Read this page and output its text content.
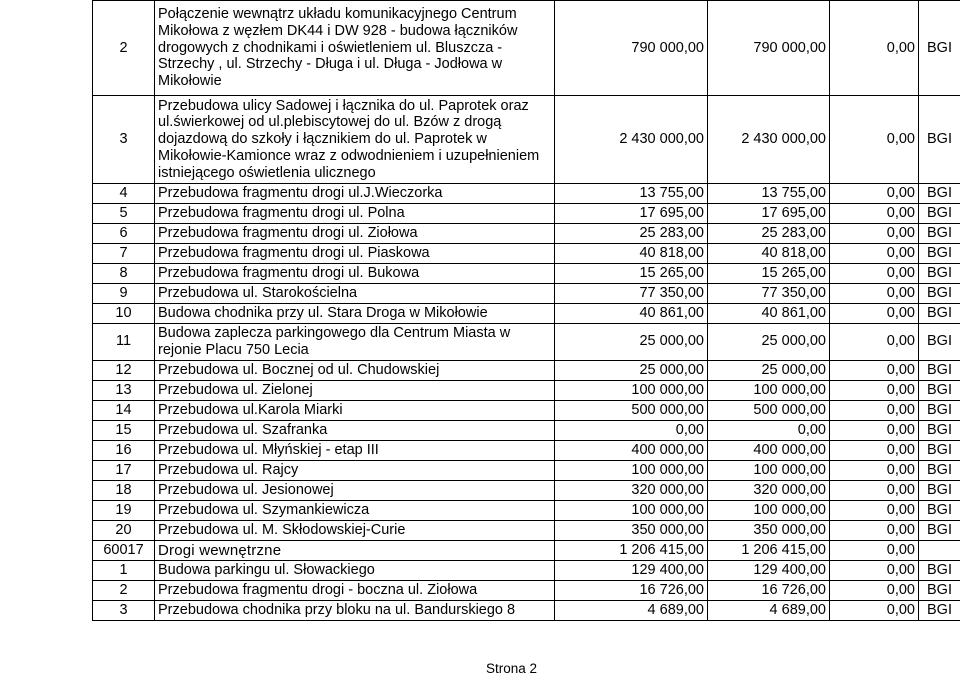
2	Połączenie wewnątrz układu komunikacyjnego Centrum Mikołowa z węzłem DK44 i DW 928 - budowa łączników drogowych z chodnikami i oświetleniem ul. Bluszcza - Strzechy , ul. Strzechy - Długa i ul. Długa - Jodłowa w Mikołowie	790 000,00	790 000,00	0,00	BGI
3	Przebudowa ulicy Sadowej i łącznika do ul. Paprotek oraz ul.świerkowej od ul.plebiscytowej do ul. Bzów z drogą dojazdową do szkoły i łącznikiem do ul. Paprotek w Mikołowie-Kamionce wraz z odwodnieniem i uzupełnieniem istniejącego oświetlenia ulicznego	2 430 000,00	2 430 000,00	0,00	BGI
4	Przebudowa fragmentu drogi ul.J.Wieczorka	13 755,00	13 755,00	0,00	BGI
5	Przebudowa fragmentu drogi ul. Polna	17 695,00	17 695,00	0,00	BGI
6	Przebudowa fragmentu drogi ul. Ziołowa	25 283,00	25 283,00	0,00	BGI
7	Przebudowa fragmentu drogi ul. Piaskowa	40 818,00	40 818,00	0,00	BGI
8	Przebudowa fragmentu drogi ul. Bukowa	15 265,00	15 265,00	0,00	BGI
9	Przebudowa ul. Starokościelna	77 350,00	77 350,00	0,00	BGI
10	Budowa chodnika przy ul. Stara Droga w Mikołowie	40 861,00	40 861,00	0,00	BGI
11	Budowa zaplecza parkingowego dla Centrum Miasta w rejonie Placu 750 Lecia	25 000,00	25 000,00	0,00	BGI
12	Przebudowa ul. Bocznej od ul. Chudowskiej	25 000,00	25 000,00	0,00	BGI
13	Przebudowa ul. Zielonej	100 000,00	100 000,00	0,00	BGI
14	Przebudowa ul.Karola Miarki	500 000,00	500 000,00	0,00	BGI
15	Przebudowa ul. Szafranka	0,00	0,00	0,00	BGI
16	Przebudowa ul. Młyńskiej - etap III	400 000,00	400 000,00	0,00	BGI
17	Przebudowa ul. Rajcy	100 000,00	100 000,00	0,00	BGI
18	Przebudowa ul. Jesionowej	320 000,00	320 000,00	0,00	BGI
19	Przebudowa ul. Szymankiewicza	100 000,00	100 000,00	0,00	BGI
20	Przebudowa ul. M. Skłodowskiej-Curie	350 000,00	350 000,00	0,00	BGI
60017	Drogi wewnętrzne	1 206 415,00	1 206 415,00	0,00	
1	Budowa parkingu ul. Słowackiego	129 400,00	129 400,00	0,00	BGI
2	Przebudowa fragmentu drogi - boczna ul. Ziołowa	16 726,00	16 726,00	0,00	BGI
3	Przebudowa chodnika przy bloku na ul. Bandurskiego 8	4 689,00	4 689,00	0,00	BGI
Strona 2
